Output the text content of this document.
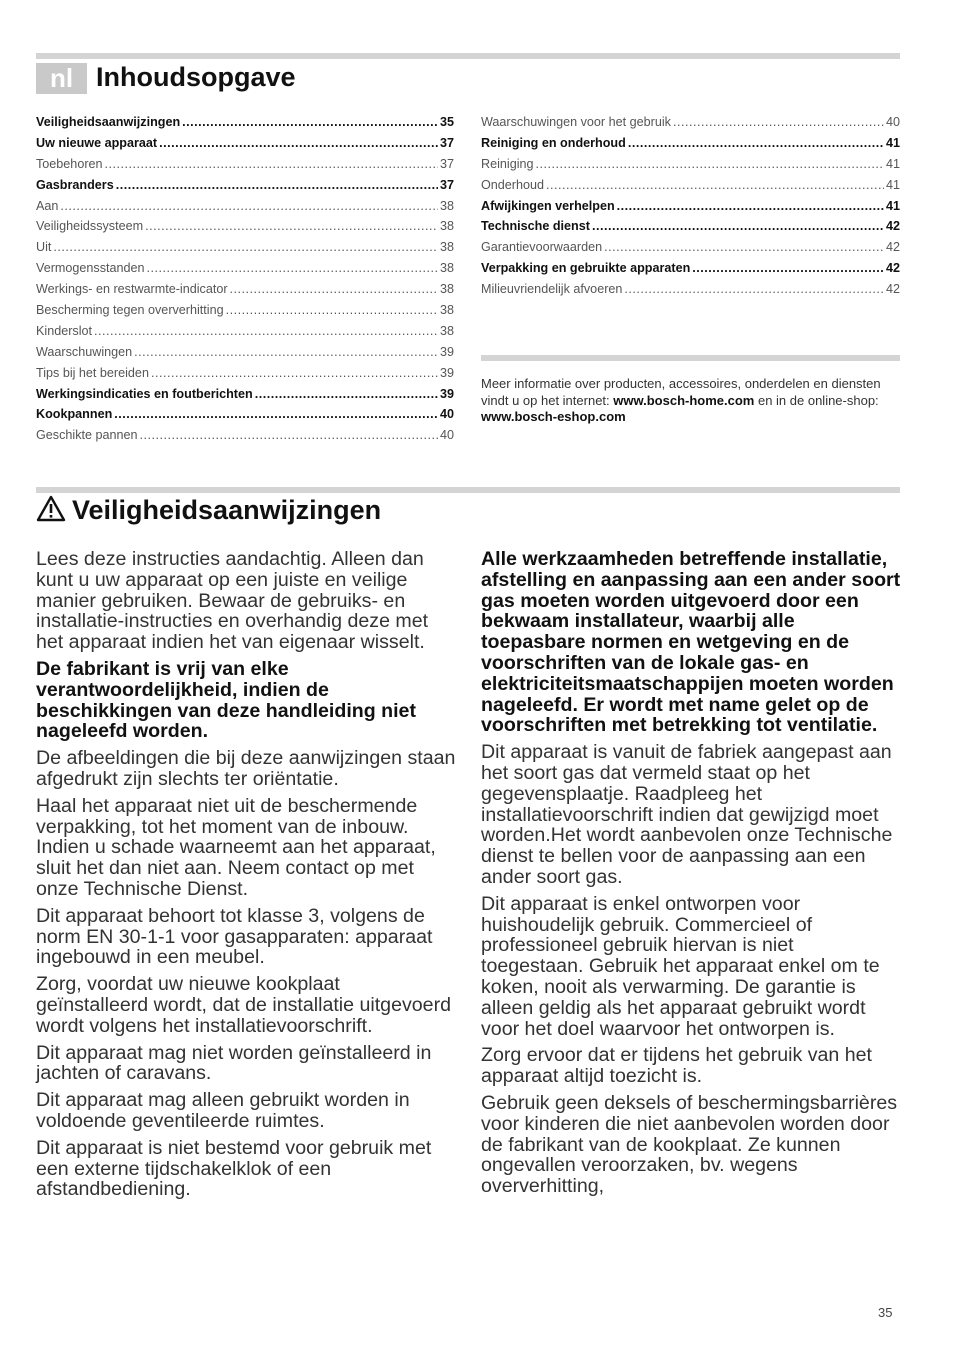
nl Inhoudsopgave
Veiligheidsaanwijzingen .....	35
Uw nieuwe apparaat .....	37
Toebehoren .....	37
Gasbranders .....	37
Aan .....	38
Veiligheidssysteem .....	38
Uit .....	38
Vermogensstanden .....	38
Werkings- en restwarmte-indicator .....	38
Bescherming tegen oververhitting .....	38
Kinderslot .....	38
Waarschuwingen .....	39
Tips bij het bereiden .....	39
Werkingsindicaties en foutberichten .....	39
Kookpannen .....	40
Geschikte pannen .....	40
Waarschuwingen voor het gebruik .....	40
Reiniging en onderhoud .....	41
Reiniging .....	41
Onderhoud .....	41
Afwijkingen verhelpen .....	41
Technische dienst .....	42
Garantievoorwaarden .....	42
Verpakking en gebruikte apparaten .....	42
Milieuvriendelijk afvoeren .....	42
Meer informatie over producten, accessoires, onderdelen en diensten vindt u op het internet: www.bosch-home.com en in de online-shop: www.bosch-eshop.com
Veiligheidsaanwijzingen

Lees deze instructies aandachtig. Alleen dan kunt u uw apparaat op een juiste en veilige manier gebruiken. Bewaar de gebruiks- en installatie-instructies en overhandig deze met het apparaat indien het van eigenaar wisselt.

De fabrikant is vrij van elke verantwoordelijkheid, indien de beschikkingen van deze handleiding niet nageleefd worden.

De afbeeldingen die bij deze aanwijzingen staan afgedrukt zijn slechts ter oriëntatie.

Haal het apparaat niet uit de beschermende verpakking, tot het moment van de inbouw. Indien u schade waarneemt aan het apparaat, sluit het dan niet aan. Neem contact op met onze Technische Dienst.

Dit apparaat behoort tot klasse 3, volgens de norm EN 30-1-1 voor gasapparaten: apparaat ingebouwd in een meubel.

Zorg, voordat uw nieuwe kookplaat geïnstalleerd wordt, dat de installatie uitgevoerd wordt volgens het installatievoorschrift.

Dit apparaat mag niet worden geïnstalleerd in jachten of caravans.

Dit apparaat mag alleen gebruikt worden in voldoende geventileerde ruimtes.

Dit apparaat is niet bestemd voor gebruik met een externe tijdschakelklok of een afstandbediening.

Alle werkzaamheden betreffende installatie, afstelling en aanpassing aan een ander soort gas moeten worden uitgevoerd door een bekwaam installateur, waarbij alle toepasbare normen en wetgeving en de voorschriften van de lokale gas- en elektriciteitsmaatschappijen moeten worden nageleefd. Er wordt met name gelet op de voorschriften met betrekking tot ventilatie.

Dit apparaat is vanuit de fabriek aangepast aan het soort gas dat vermeld staat op het gegevensplaatje. Raadpleeg het installatievoorschrift indien dat gewijzigd moet worden.Het wordt aanbevolen onze Technische dienst te bellen voor de aanpassing aan een ander soort gas.

Dit apparaat is enkel ontworpen voor huishoudelijk gebruik. Commercieel of professioneel gebruik hiervan is niet toegestaan. Gebruik het apparaat enkel om te koken, nooit als verwarming. De garantie is alleen geldig als het apparaat gebruikt wordt voor het doel waarvoor het ontworpen is.

Zorg ervoor dat er tijdens het gebruik van het apparaat altijd toezicht is.

Gebruik geen deksels of beschermingsbarrières voor kinderen die niet aanbevolen worden door de fabrikant van de kookplaat. Ze kunnen ongevallen veroorzaken, bv. wegens oververhitting,

35
